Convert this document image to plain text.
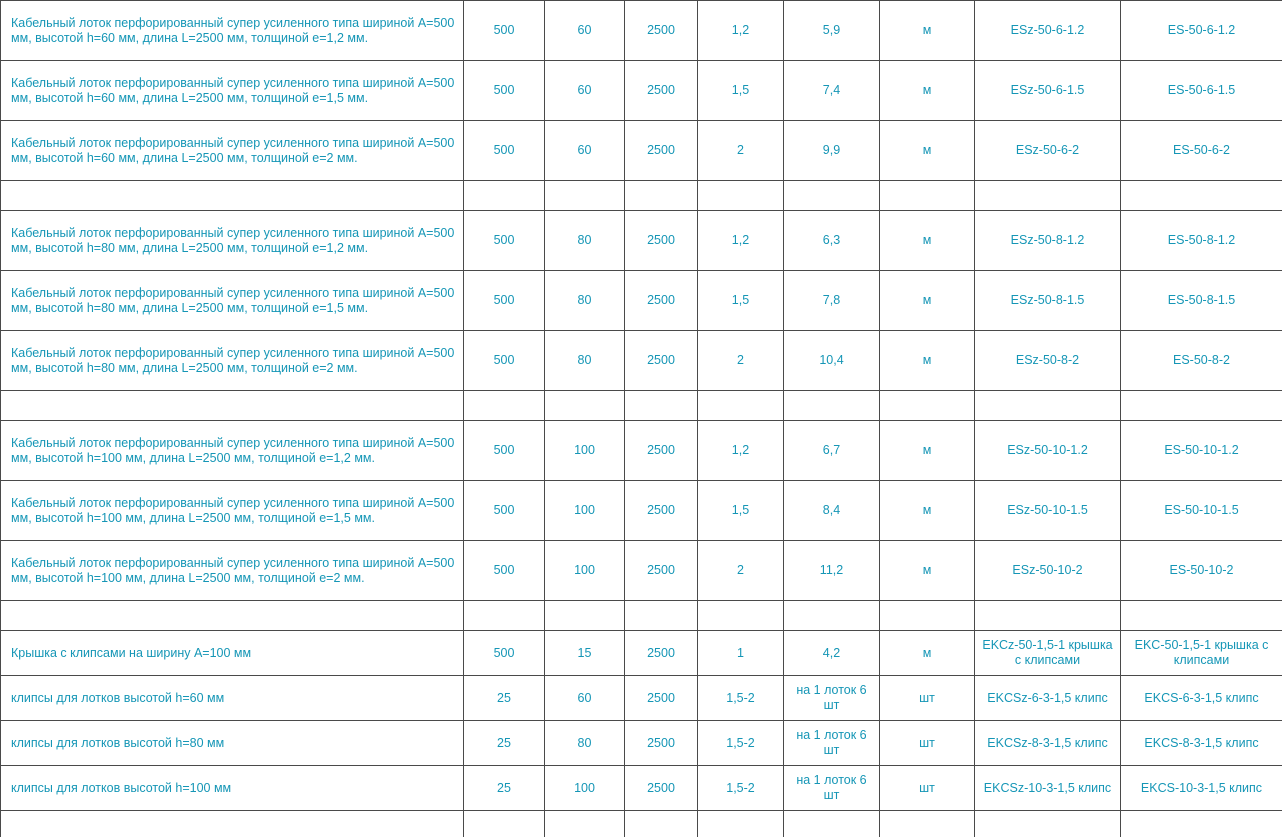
Кабельный лоток перфорированный супер усиленного типа шириной А=500 мм, высотой h=60 мм, длина L=2500 мм, толщиной е=1,2 мм.	500	60	2500	1,2	5,9	м	ESz-50-6-1.2	ES-50-6-1.2
Кабельный лоток перфорированный супер усиленного типа шириной А=500 мм, высотой h=60 мм, длина L=2500 мм, толщиной е=1,5 мм.	500	60	2500	1,5	7,4	м	ESz-50-6-1.5	ES-50-6-1.5
Кабельный лоток перфорированный супер усиленного типа шириной А=500 мм, высотой h=60 мм, длина L=2500 мм, толщиной е=2 мм.	500	60	2500	2	9,9	м	ESz-50-6-2	ES-50-6-2

Кабельный лоток перфорированный супер усиленного типа шириной А=500 мм, высотой h=80 мм, длина L=2500 мм, толщиной е=1,2 мм.	500	80	2500	1,2	6,3	м	ESz-50-8-1.2	ES-50-8-1.2
Кабельный лоток перфорированный супер усиленного типа шириной А=500 мм, высотой h=80 мм, длина L=2500 мм, толщиной е=1,5 мм.	500	80	2500	1,5	7,8	м	ESz-50-8-1.5	ES-50-8-1.5
Кабельный лоток перфорированный супер усиленного типа шириной А=500 мм, высотой h=80 мм, длина L=2500 мм, толщиной е=2 мм.	500	80	2500	2	10,4	м	ESz-50-8-2	ES-50-8-2

Кабельный лоток перфорированный супер усиленного типа шириной А=500 мм, высотой h=100 мм, длина L=2500 мм, толщиной е=1,2 мм.	500	100	2500	1,2	6,7	м	ESz-50-10-1.2	ES-50-10-1.2
Кабельный лоток перфорированный супер усиленного типа шириной А=500 мм, высотой h=100 мм, длина L=2500 мм, толщиной е=1,5 мм.	500	100	2500	1,5	8,4	м	ESz-50-10-1.5	ES-50-10-1.5
Кабельный лоток перфорированный супер усиленного типа шириной А=500 мм, высотой h=100 мм, длина L=2500 мм, толщиной е=2 мм.	500	100	2500	2	11,2	м	ESz-50-10-2	ES-50-10-2

Крышка с клипсами на ширину А=100 мм	500	15	2500	1	4,2	м	EKCz-50-1,5-1 крышка с клипсами	EKC-50-1,5-1 крышка с клипсами
клипсы для лотков высотой h=60 мм	25	60	2500	1,5-2	на 1 лоток 6 шт	шт	EKCSz-6-3-1,5 клипс	EKCS-6-3-1,5 клипс
клипсы для лотков высотой h=80 мм	25	80	2500	1,5-2	на 1 лоток 6 шт	шт	EKCSz-8-3-1,5 клипс	EKCS-8-3-1,5 клипс
клипсы для лотков высотой h=100 мм	25	100	2500	1,5-2	на 1 лоток 6 шт	шт	EKCSz-10-3-1,5 клипс	EKCS-10-3-1,5 клипс
